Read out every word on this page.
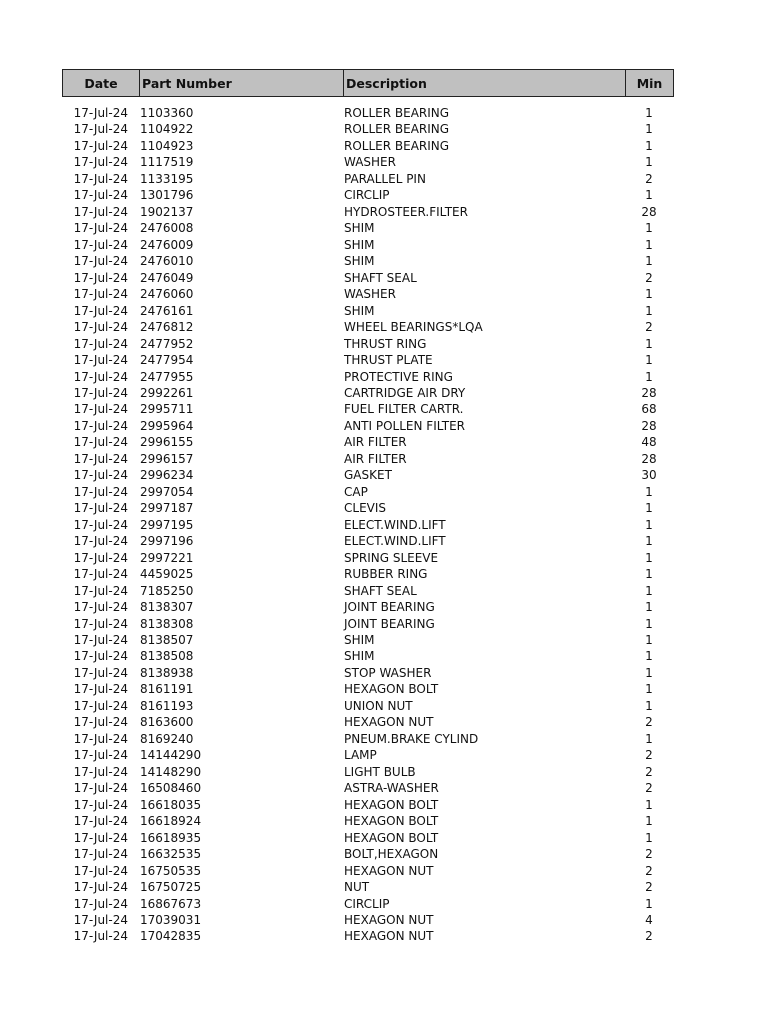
Date	Part Number	Description	Min
17-Jul-24	1103360	ROLLER BEARING	1
17-Jul-24	1104922	ROLLER BEARING	1
17-Jul-24	1104923	ROLLER BEARING	1
17-Jul-24	1117519	WASHER	1
17-Jul-24	1133195	PARALLEL PIN	2
17-Jul-24	1301796	CIRCLIP	1
17-Jul-24	1902137	HYDROSTEER.FILTER	28
17-Jul-24	2476008	SHIM	1
17-Jul-24	2476009	SHIM	1
17-Jul-24	2476010	SHIM	1
17-Jul-24	2476049	SHAFT SEAL	2
17-Jul-24	2476060	WASHER	1
17-Jul-24	2476161	SHIM	1
17-Jul-24	2476812	WHEEL BEARINGS*LQA	2
17-Jul-24	2477952	THRUST RING	1
17-Jul-24	2477954	THRUST PLATE	1
17-Jul-24	2477955	PROTECTIVE RING	1
17-Jul-24	2992261	CARTRIDGE AIR DRY	28
17-Jul-24	2995711	FUEL FILTER CARTR.	68
17-Jul-24	2995964	ANTI POLLEN FILTER	28
17-Jul-24	2996155	AIR FILTER	48
17-Jul-24	2996157	AIR FILTER	28
17-Jul-24	2996234	GASKET	30
17-Jul-24	2997054	CAP	1
17-Jul-24	2997187	CLEVIS	1
17-Jul-24	2997195	ELECT.WIND.LIFT	1
17-Jul-24	2997196	ELECT.WIND.LIFT	1
17-Jul-24	2997221	SPRING SLEEVE	1
17-Jul-24	4459025	RUBBER RING	1
17-Jul-24	7185250	SHAFT SEAL	1
17-Jul-24	8138307	JOINT BEARING	1
17-Jul-24	8138308	JOINT BEARING	1
17-Jul-24	8138507	SHIM	1
17-Jul-24	8138508	SHIM	1
17-Jul-24	8138938	STOP WASHER	1
17-Jul-24	8161191	HEXAGON BOLT	1
17-Jul-24	8161193	UNION NUT	1
17-Jul-24	8163600	HEXAGON NUT	2
17-Jul-24	8169240	PNEUM.BRAKE CYLIND	1
17-Jul-24	14144290	LAMP	2
17-Jul-24	14148290	LIGHT BULB	2
17-Jul-24	16508460	ASTRA-WASHER	2
17-Jul-24	16618035	HEXAGON BOLT	1
17-Jul-24	16618924	HEXAGON BOLT	1
17-Jul-24	16618935	HEXAGON BOLT	1
17-Jul-24	16632535	BOLT,HEXAGON	2
17-Jul-24	16750535	HEXAGON NUT	2
17-Jul-24	16750725	NUT	2
17-Jul-24	16867673	CIRCLIP	1
17-Jul-24	17039031	HEXAGON NUT	4
17-Jul-24	17042835	HEXAGON NUT	2
